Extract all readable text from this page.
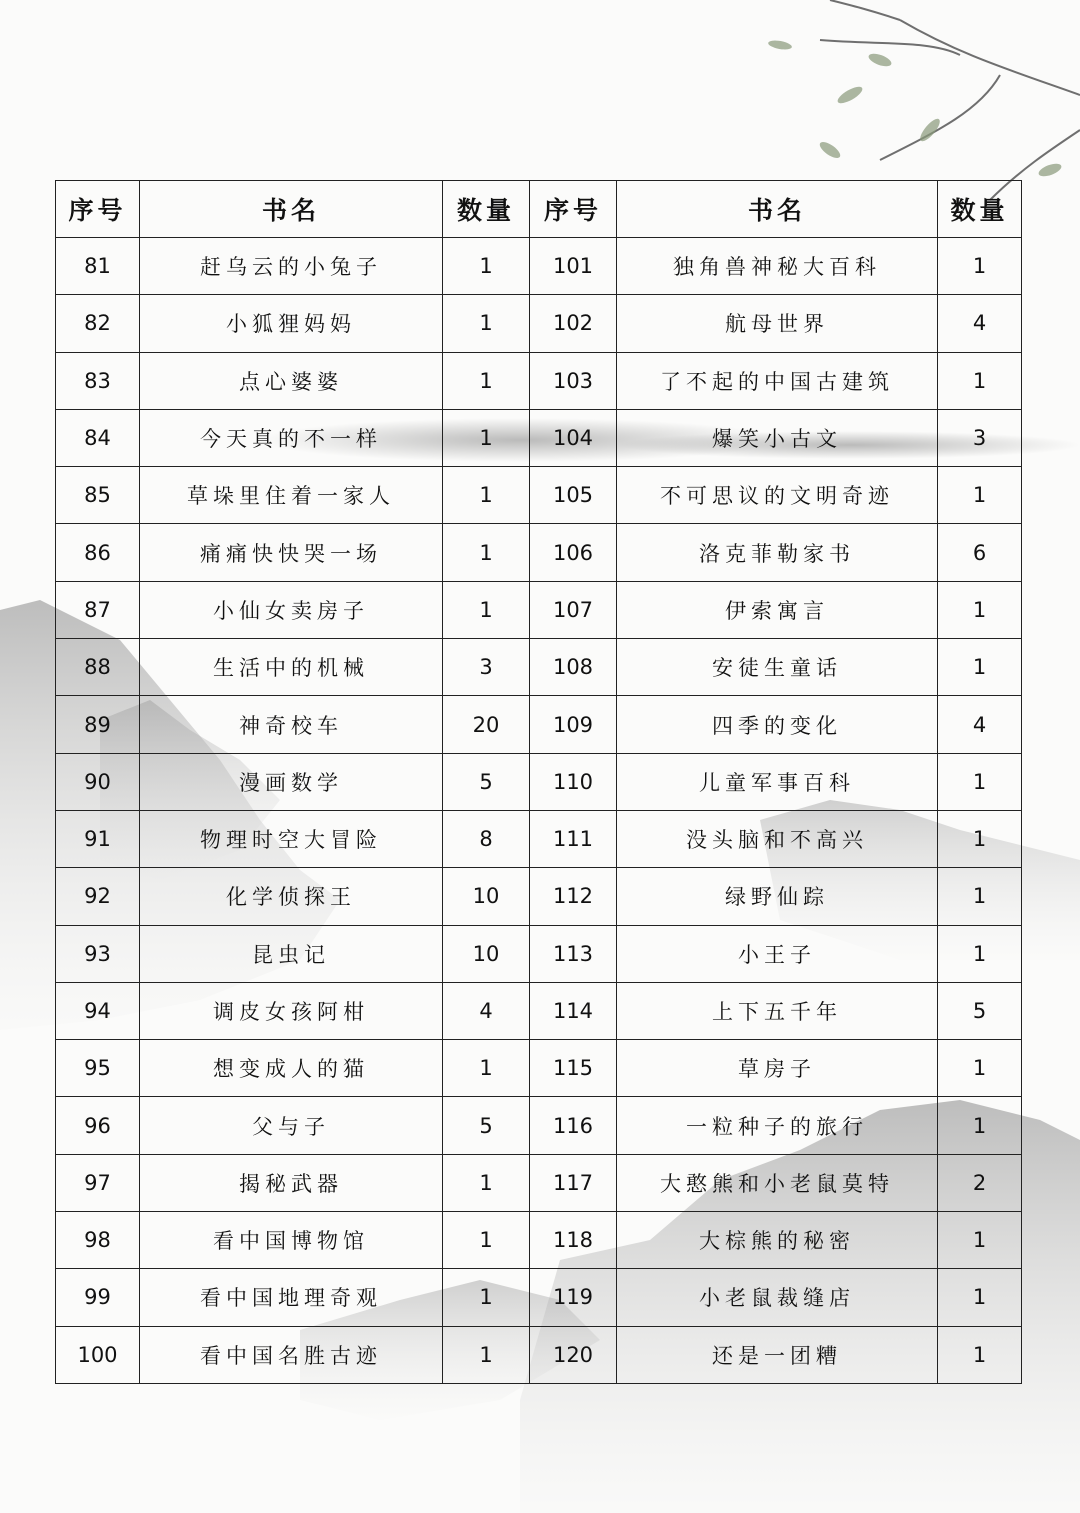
序号	书名	数量	序号	书名	数量
81	赶乌云的小兔子	1	101	独角兽神秘大百科	1
82	小狐狸妈妈	1	102	航母世界	4
83	点心婆婆	1	103	了不起的中国古建筑	1
84	今天真的不一样	1	104	爆笑小古文	3
85	草垛里住着一家人	1	105	不可思议的文明奇迹	1
86	痛痛快快哭一场	1	106	洛克菲勒家书	6
87	小仙女卖房子	1	107	伊索寓言	1
88	生活中的机械	3	108	安徒生童话	1
89	神奇校车	20	109	四季的变化	4
90	漫画数学	5	110	儿童军事百科	1
91	物理时空大冒险	8	111	没头脑和不高兴	1
92	化学侦探王	10	112	绿野仙踪	1
93	昆虫记	10	113	小王子	1
94	调皮女孩阿柑	4	114	上下五千年	5
95	想变成人的猫	1	115	草房子	1
96	父与子	5	116	一粒种子的旅行	1
97	揭秘武器	1	117	大憨熊和小老鼠莫特	2
98	看中国博物馆	1	118	大棕熊的秘密	1
99	看中国地理奇观	1	119	小老鼠裁缝店	1
100	看中国名胜古迹	1	120	还是一团糟	1
